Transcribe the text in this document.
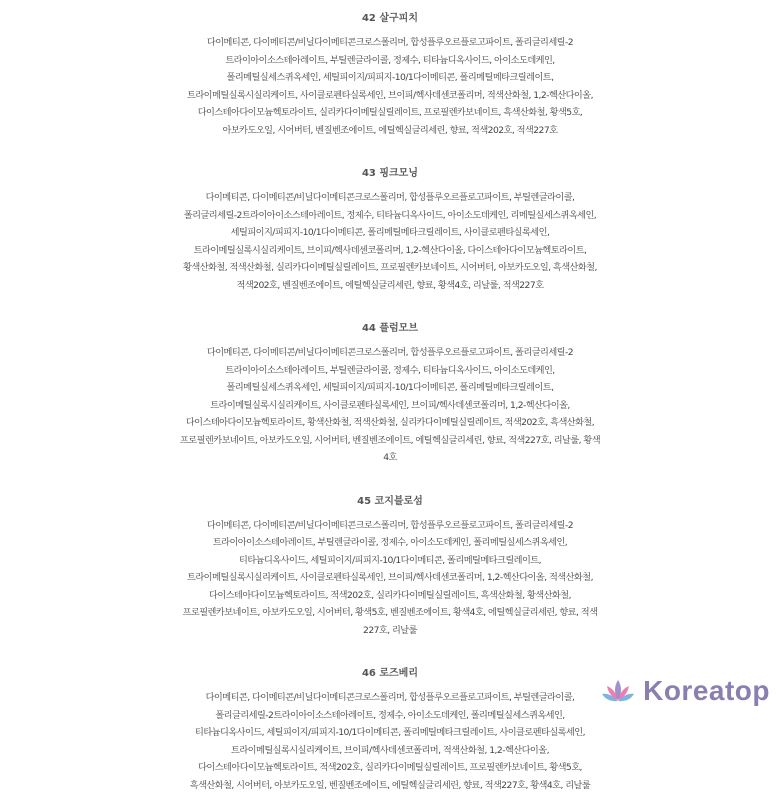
42 살구피치
다이메티콘, 다이메티콘/비닐다이메티콘크로스폴리머, 합성플루오르플로고파이트, 폴리글리세릴-2
트라이아이소스테아레이트, 부틸렌글라이콜, 정제수, 티타늄디옥사이드, 아이소도데케인,
폴리메틸실세스퀴옥세인, 세틸피이지/피피지-10/1다이메티콘, 폴리메틸메타크릴레이트,
트라이메틸실록시실리케이트, 사이클로펜타실록세인, 브이피/헥사데센코폴리머, 적색산화철, 1,2-헥산다이올,
다이스테아다이모늄헥토라이트, 실리카다이메틸실릴레이트, 프로필렌카보네이트, 흑색산화철, 황색5호,
아보카도오일, 시어버터, 벤질벤조에이트, 에틸헥실글리세린, 향료, 적색202호, 적색227호
43 핑크모닝
다이메티콘, 다이메티콘/비닐다이메티콘크로스폴리머, 합성플루오르플로고파이트, 부틸렌글라이콜,
폴리글리세릴-2트라이아이소스테아레이트, 정제수, 티타늄디옥사이드, 아이소도데케인, 리메틸실세스퀴옥세인,
세틸피이지/피피지-10/1다이메티콘, 폴리메틸메타크릴레이트, 사이클로펜타실록세인,
트라이메틸실록시실리케이트, 브이피/헥사데센코폴리머, 1,2-헥산다이올, 다이스테아다이모늄헥토라이트,
황색산화철, 적색산화철, 실리카다이메틸실릴레이트, 프로필렌카보네이트, 시어버터, 아보카도오일, 흑색산화철,
적색202호, 벤질벤조에이트, 에틸헥실글리세린, 향료, 황색4호, 리날룰, 적색227호
44 플럼모브
다이메티콘, 다이메티콘/비닐다이메티콘크로스폴리머, 합성플루오르플로고파이트, 폴리글리세릴-2
트라이아이소스테아레이트, 부틸렌글라이콜, 정제수, 티타늄디옥사이드, 아이소도데케인,
폴리메틸실세스퀴옥세인, 세틸피이지/피피지-10/1다이메티콘, 폴리메틸메타크릴레이트,
트라이메틸실록시실리케이트, 사이클로펜타실록세인, 브이피/헥사데센코폴리머, 1,2-헥산다이올,
다이스테아다이모늄헥토라이트, 황색산화철, 적색산화철, 실리카다이메틸실릴레이트, 적색202호, 흑색산화철,
프로필렌카보네이트, 아보카도오일, 시어버터, 벤질벤조에이트, 에틸헥실글리세린, 향료, 적색227호, 리날룰, 황색
4호
45 코지블로섬
다이메티콘, 다이메티콘/비닐다이메티콘크로스폴리머, 합성플루오르플로고파이트, 폴리글리세릴-2
트라이아이소스테아레이트, 부틸렌글라이콜, 정제수, 아이소도데케인, 폴리메틸실세스퀴옥세인,
티타늄디옥사이드, 세틸피이지/피피지-10/1다이메티콘, 폴리메틸메타크릴레이트,
트라이메틸실록시실리케이트, 사이클로펜타실록세인, 브이피/헥사데센코폴리머, 1,2-헥산다이올, 적색산화철,
다이스테아다이모늄헥토라이트, 적색202호, 실리카다이메틸실릴레이트, 흑색산화철, 황색산화철,
프로필렌카보네이트, 아보카도오일, 시어버터, 황색5호, 벤질벤조에이트, 황색4호, 에틸헥실글리세린, 향료, 적색
227호, 리날룰
46 로즈베리
다이메티콘, 다이메티콘/비닐다이메티콘크로스폴리머, 합성플루오르플로고파이트, 부틸렌글라이콜,
폴리글리세릴-2트라이아이소스테아레이트, 정제수, 아이소도데케인, 폴리메틸실세스퀴옥세인,
티타늄디옥사이드, 세틸피이지/피피지-10/1다이메티콘, 폴리메틸메타크릴레이트, 사이클로펜타실록세인,
트라이메틸실록시실리케이트, 브이피/헥사데센코폴리머, 적색산화철, 1,2-헥산다이올,
다이스테아다이모늄헥토라이트, 적색202호, 실리카다이메틸실릴레이트, 프로필렌카보네이트, 황색5호,
흑색산화철, 시어버터, 아보카도오일, 벤질벤조에이트, 에틸헥실글리세린, 향료, 적색227호, 황색4호, 리날룰
Koreatop
